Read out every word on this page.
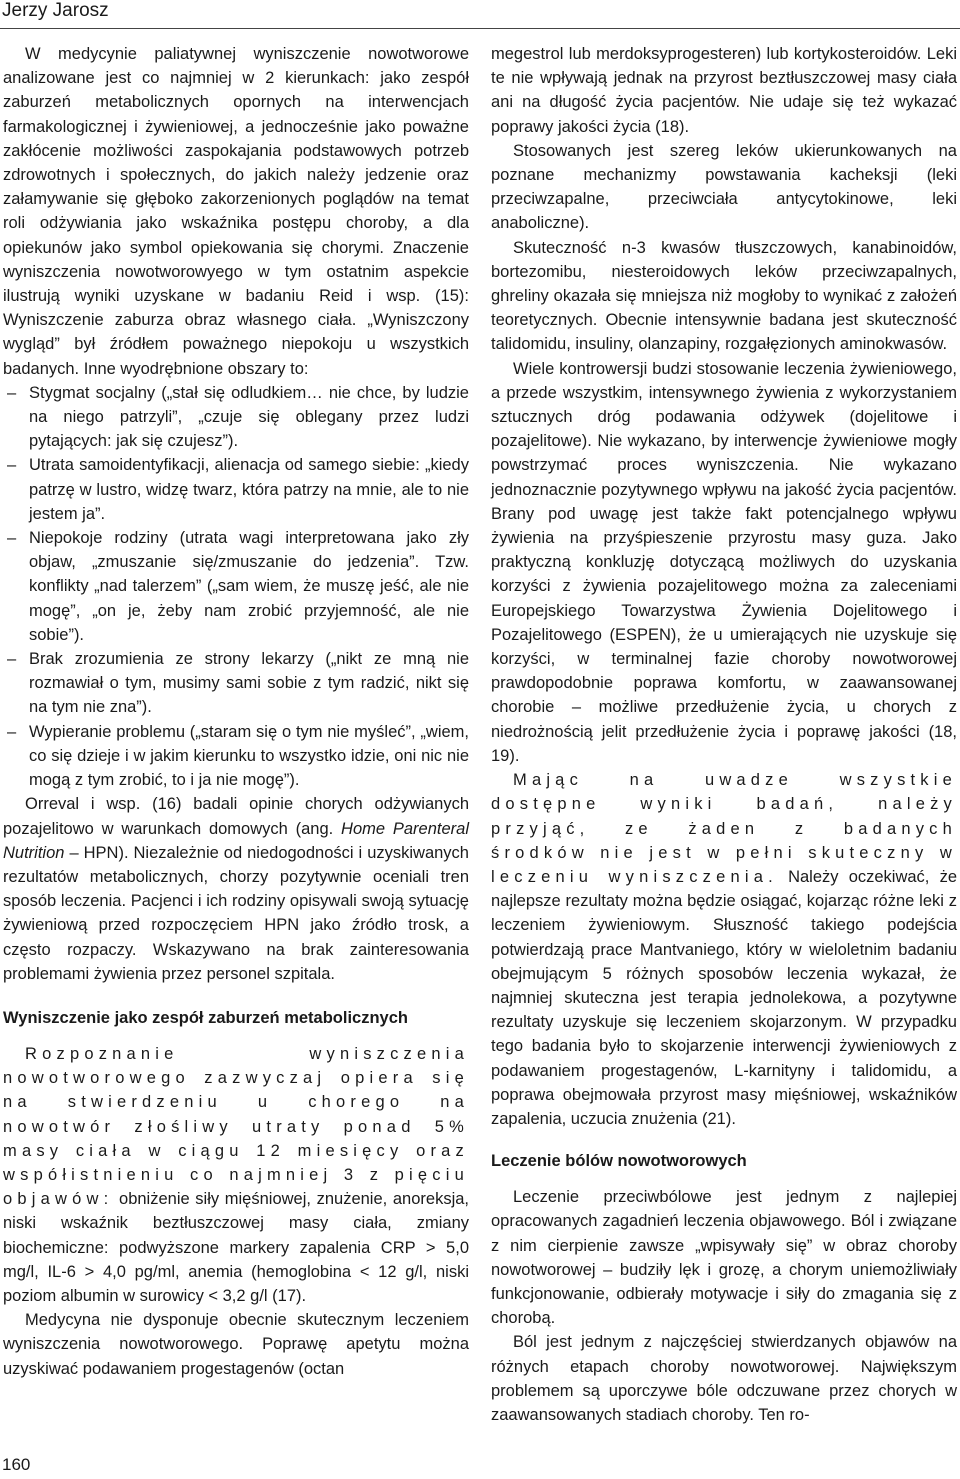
Jerzy Jarosz

W medycynie paliatywnej wyniszczenie nowotworowe analizowane jest co najmniej w 2 kierunkach: jako zespół zaburzeń metabolicznych opornych na interwencjach farmakologicznej i żywieniowej, a jednocześnie jako poważne zakłócenie możliwości zaspokajania podstawowych potrzeb zdrowotnych i społecznych, do jakich należy jedzenie oraz załamywanie się głęboko zakorzenionych poglądów na temat roli odżywiania jako wskaźnika postępu choroby, a dla opiekunów jako symbol opiekowania się chorymi. Znaczenie wyniszczenia nowotworowyego w tym ostatnim aspekcie ilustrują wyniki uzyskane w badaniu Reid i wsp. (15): Wyniszczenie zaburza obraz własnego ciała. „Wyniszczony wygląd” był źródłem poważnego niepokoju u wszystkich badanych. Inne wyodrębnione obszary to:

– Stygmat socjalny („stał się odludkiem… nie chce, by ludzie na niego patrzyli”, „czuje się oblegany przez ludzi pytających: jak się czujesz”).
– Utrata samoidentyfikacji, alienacja od samego siebie: „kiedy patrzę w lustro, widzę twarz, która patrzy na mnie, ale to nie jestem ja”.
– Niepokoje rodziny (utrata wagi interpretowana jako zły objaw, „zmuszanie się/zmuszanie do jedzenia”. Tzw. konflikty „nad talerzem” („sam wiem, że muszę jeść, ale nie mogę”, „on je, żeby nam zrobić przyjemność, ale nie sobie”).
– Brak zrozumienia ze strony lekarzy („nikt ze mną nie rozmawiał o tym, musimy sami sobie z tym radzić, nikt się na tym nie zna”).
– Wypieranie problemu („staram się o tym nie myśleć”, „wiem, co się dzieje i w jakim kierunku to wszystko idzie, oni nic nie mogą z tym zrobić, to i ja nie mogę”).

Orreval i wsp. (16) badali opinie chorych odżywianych pozajelitowo w warunkach domowych (ang. Home Parenteral Nutrition – HPN). Niezależnie od niedogodności i uzyskiwanych rezultatów metabolicznych, chorzy pozytywnie oceniali tren sposób leczenia. Pacjenci i ich rodziny opisywali swoją sytuację żywieniową przed rozpoczęciem HPN jako źródło trosk, a często rozpaczy. Wskazywano na brak zainteresowania problemami żywienia przez personel szpitala.

Wyniszczenie jako zespół zaburzeń metabolicznych

Rozpoznanie wyniszczenia nowotworowego zazwyczaj opiera się na stwierdzeniu u chorego na nowotwór złośliwy utraty ponad 5% masy ciała w ciągu 12 miesięcy oraz współistnieniu co najmniej 3 z pięciu objawów: obniżenie siły mięśniowej, znużenie, anoreksja, niski wskaźnik beztłuszczowej masy ciała, zmiany biochemiczne: podwyższone markery zapalenia CRP > 5,0 mg/l, IL-6 > 4,0 pg/ml, anemia (hemoglobina < 12 g/l, niski poziom albumin w surowicy < 3,2 g/l (17).

Medycyna nie dysponuje obecnie skutecznym leczeniem wyniszczenia nowotworowego. Poprawę apetytu można uzyskiwać podawaniem progestagenów (octan

megestrol lub merdoksyprogesteren) lub kortykosteroidów. Leki te nie wpływają jednak na przyrost beztłuszczowej masy ciała ani na długość życia pacjentów. Nie udaje się też wykazać poprawy jakości życia (18).

Stosowanych jest szereg leków ukierunkowanych na poznane mechanizmy powstawania kacheksji (leki przeciwzapalne, przeciwciała antycytokinowe, leki anaboliczne).

Skuteczność n-3 kwasów tłuszczowych, kanabinoidów, bortezomibu, niesteroidowych leków przeciwzapalnych, ghreliny okazała się mniejsza niż mogłoby to wynikać z założeń teoretycznych. Obecnie intensywnie badana jest skuteczność talidomidu, insuliny, olanzapiny, rozgałęzionych aminokwasów.

Wiele kontrowersji budzi stosowanie leczenia żywieniowego, a przede wszystkim, intensywnego żywienia z wykorzystaniem sztucznych dróg podawania odżywek (dojelitowe i pozajelitowe). Nie wykazano, by interwencje żywieniowe mogły powstrzymać proces wyniszczenia. Nie wykazano jednoznacznie pozytywnego wpływu na jakość życia pacjentów. Brany pod uwagę jest także fakt potencjalnego wpływu żywienia na przyśpieszenie przyrostu masy guza. Jako praktyczną konkluzję dotyczącą możliwych do uzyskania korzyści z żywienia pozajelitowego można za zaleceniami Europejskiego Towarzystwa Żywienia Dojelitowego i Pozajelitowego (ESPEN), że u umierających nie uzyskuje się korzyści, w terminalnej fazie choroby nowotworowej prawdopodobnie poprawa komfortu, w zaawansowanej chorobie – możliwe przedłużenie życia, u chorych z niedrożnością jelit przedłużenie życia i poprawę jakości (18, 19).

Mając na uwadze wszystkie dostępne wyniki badań, należy przyjąć, ze żaden z badanych środków nie jest w pełni skuteczny w leczeniu wyniszczenia. Należy oczekiwać, że najlepsze rezultaty można będzie osiągać, kojarząc różne leki z leczeniem żywieniowym. Słuszność takiego podejścia potwierdzają prace Mantvaniego, który w wieloletnim badaniu obejmującym 5 różnych sposobów leczenia wykazał, że najmniej skuteczna jest terapia jednolekowa, a pozytywne rezultaty uzyskuje się leczeniem skojarzonym. W przypadku tego badania było to skojarzenie interwencji żywieniowych z podawaniem progestagenów, L-karnityny i talidomidu, a poprawa obejmowała przyrost masy mięśniowej, wskaźników zapalenia, uczucia znużenia (21).

Leczenie bólów nowotworowych

Leczenie przeciwbólowe jest jednym z najlepiej opracowanych zagadnień leczenia objawowego. Ból i związane z nim cierpienie zawsze „wpisywały się” w obraz choroby nowotworowej – budziły lęk i grozę, a chorym uniemożliwiały funkcjonowanie, odbierały motywacje i siły do zmagania się z chorobą.

Ból jest jednym z najczęściej stwierdzanych objawów na różnych etapach choroby nowotworowej. Największym problemem są uporczywe bóle odczuwane przez chorych w zaawansowanych stadiach choroby. Ten ro-

160
